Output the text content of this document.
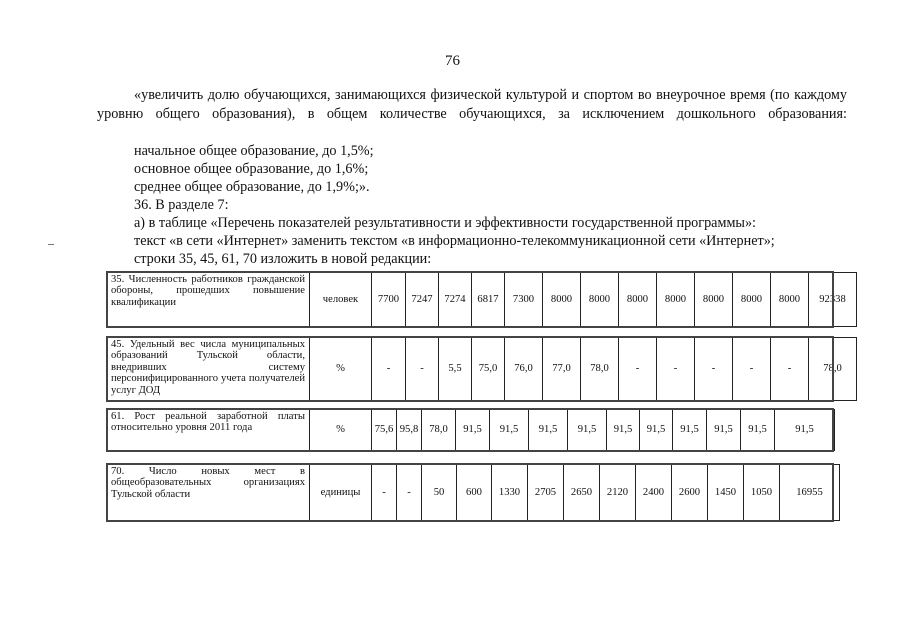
76
«увеличить долю обучающихся, занимающихся физической культурой и спортом во внеурочное время (по каждому уровню общего образования), в общем количестве обучающихся, за исключением дошкольного образования:
начальное общее образование, до 1,5%;
основное общее образование, до 1,6%;
среднее общее образование, до 1,9%;».
36. В разделе 7:
а) в таблице «Перечень показателей результативности и эффективности государственной программы»:
текст «в сети «Интернет» заменить текстом «в информационно-телекоммуникационной сети «Интернет»;
строки 35, 45, 61, 70 изложить в новой редакции:
35. Численность работников гражданской обороны, прошедших повышение квалификации	человек	7700	7247	7274	6817	7300	8000	8000	8000	8000	8000	8000	8000	92338
45. Удельный вес числа муниципальных образований Тульской области, внедривших систему персонифицированного учета получателей услуг ДОД	%	-	-	5,5	75,0	76,0	77,0	78,0	-	-	-	-	-	78,0
61. Рост реальной заработной платы относительно уровня 2011 года	%	75,6	95,8	78,0	91,5	91,5	91,5	91,5	91,5	91,5	91,5	91,5	91,5	91,5
70. Число новых мест в общеобразовательных организациях Тульской области	единицы	-	-	50	600	1330	2705	2650	2120	2400	2600	1450	1050	16955
